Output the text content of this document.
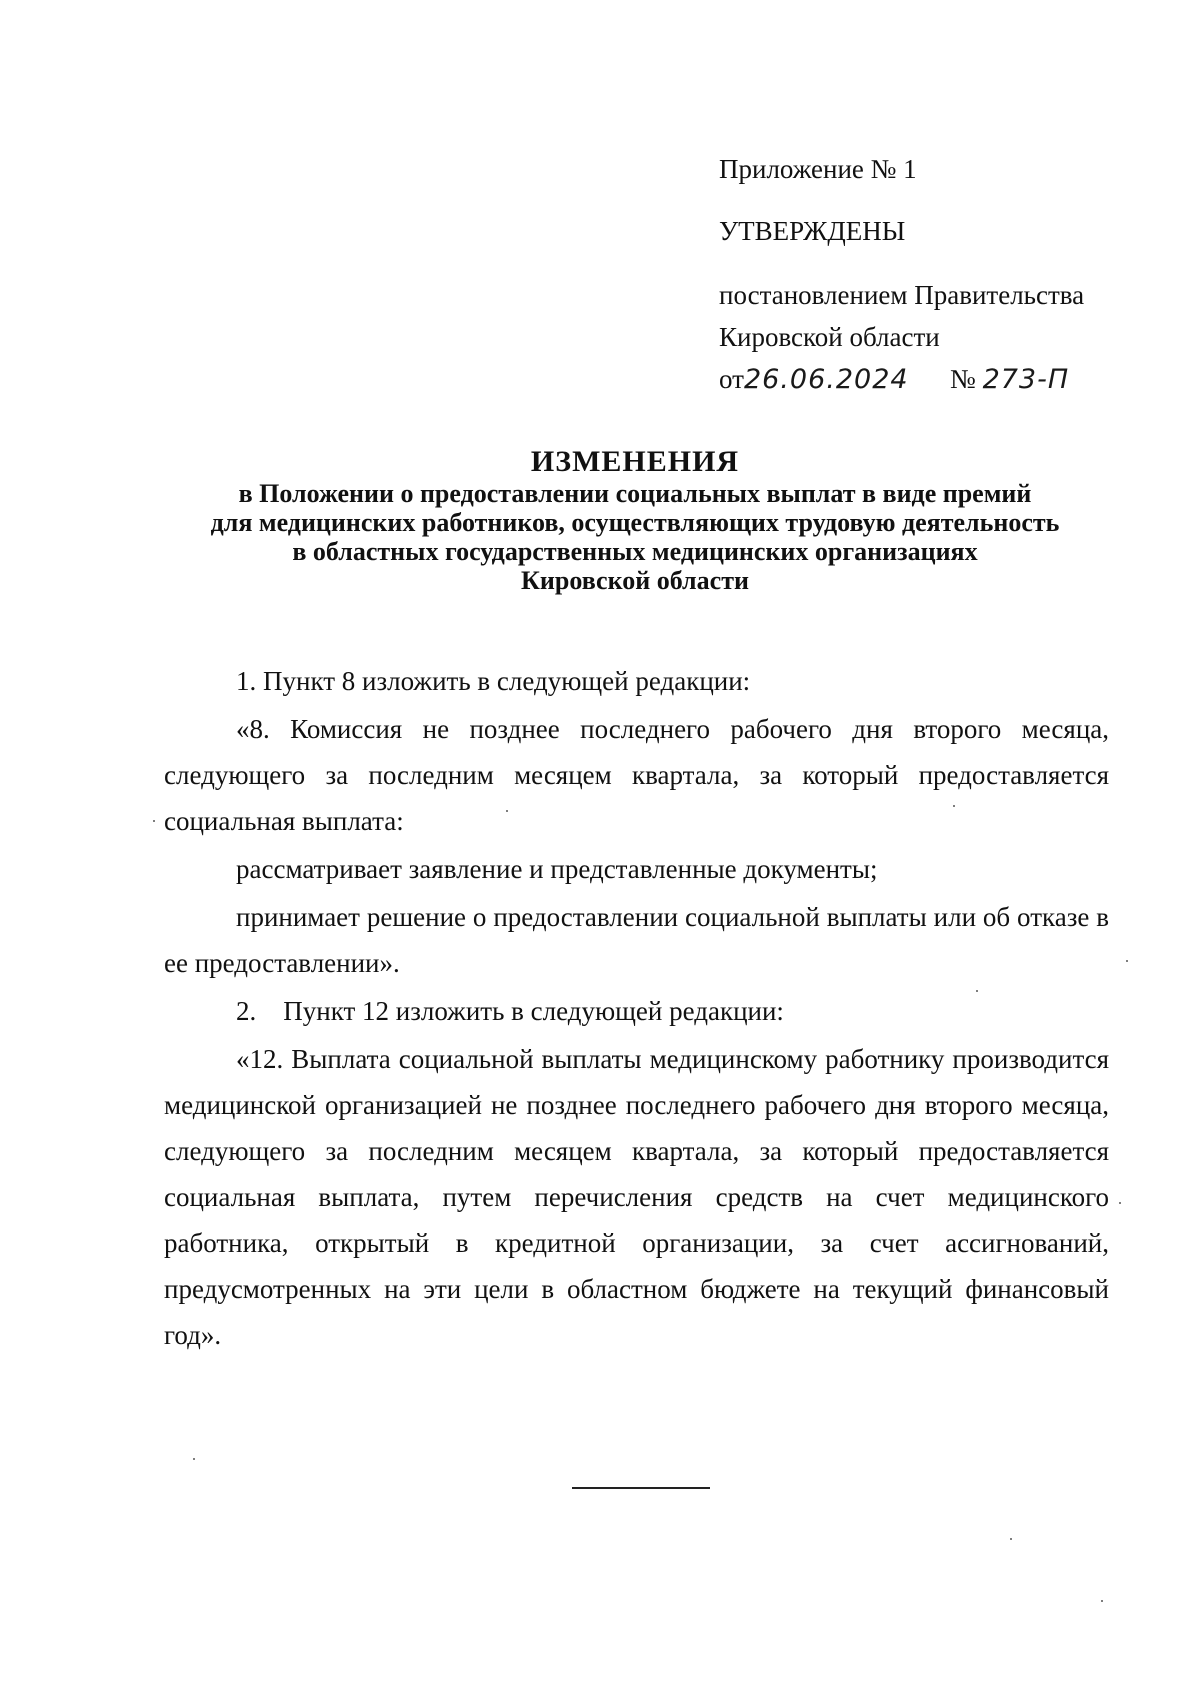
Приложение № 1

УТВЕРЖДЕНЫ

постановлением Правительства
Кировской области
от26.06.2024 № 273-П
ИЗМЕНЕНИЯ
в Положении о предоставлении социальных выплат в виде премий
для медицинских работников, осуществляющих трудовую деятельность
в областных государственных медицинских организациях
Кировской области

1. Пункт 8 изложить в следующей редакции:

«8. Комиссия не позднее последнего рабочего дня второго месяца, следующего за последним месяцем квартала, за который предоставляется социальная выплата:

рассматривает заявление и представленные документы;

принимает решение о предоставлении социальной выплаты или об отказе в ее предоставлении».

2.    Пункт 12 изложить в следующей редакции:

«12. Выплата социальной выплаты медицинскому работнику производится медицинской организацией не позднее последнего рабочего дня второго месяца, следующего за последним месяцем квартала, за который предоставляется социальная выплата, путем перечисления средств на счет медицинского работника, открытый в кредитной организации, за счет ассигнований, предусмотренных на эти цели в областном бюджете на текущий финансовый год».
